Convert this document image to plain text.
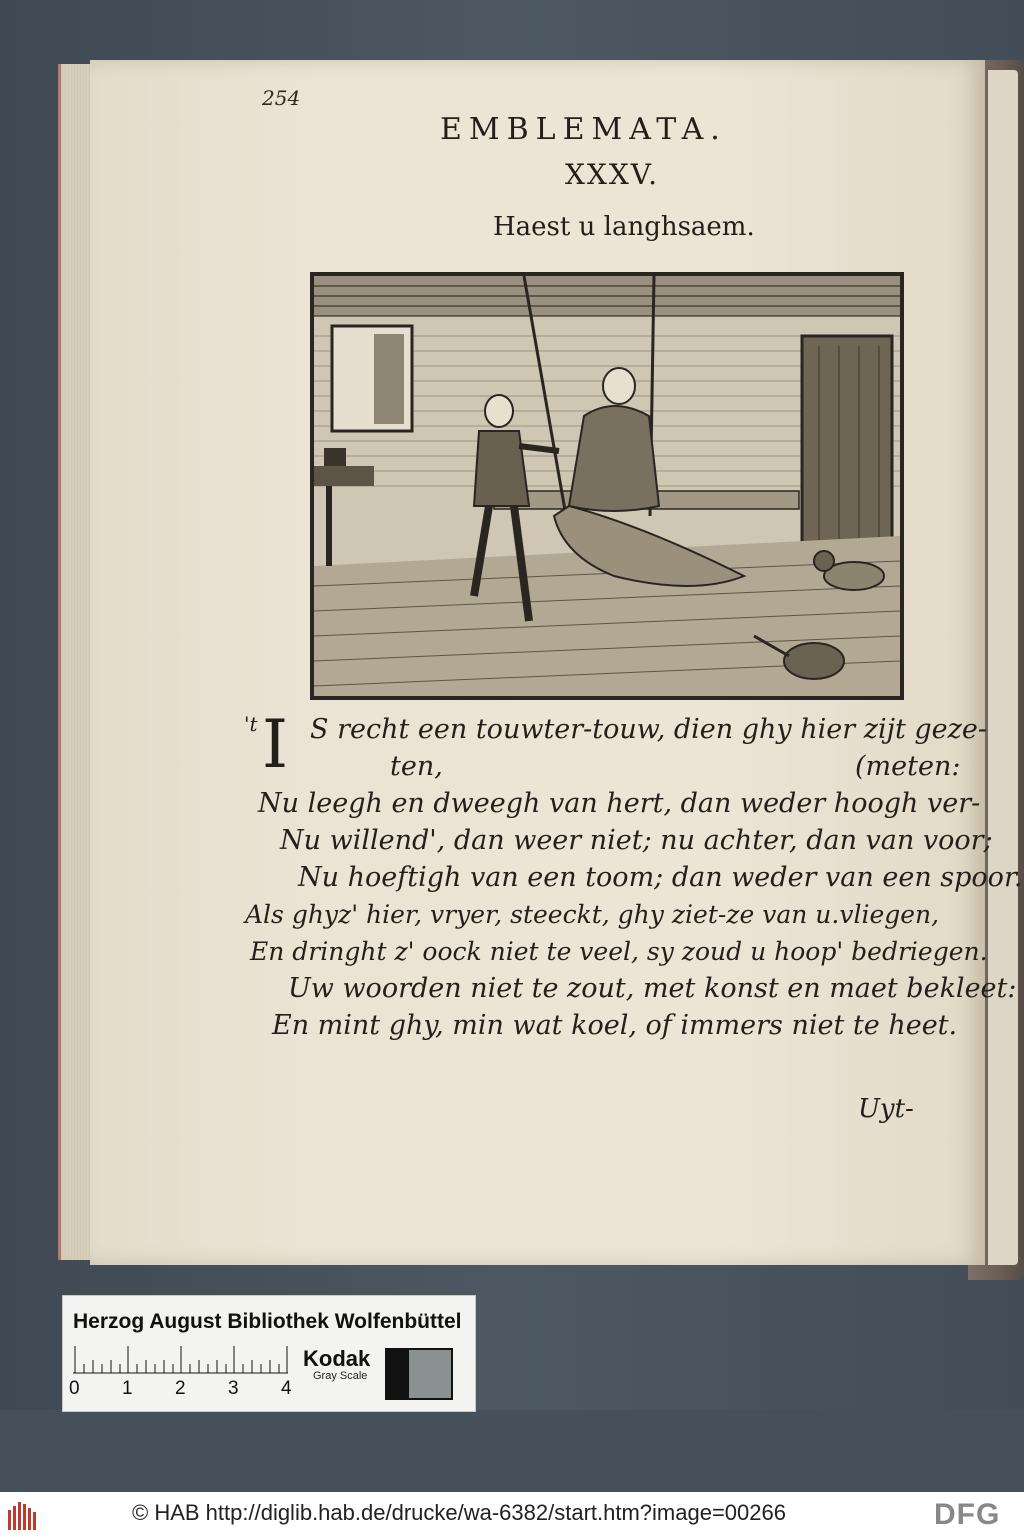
254
EMBLEMATA.
XXXV.
Haest u langhsaem.
't I S recht een touwter-touw, dien ghy hier zijt geze-
ten,	(meten:
Nu leegh en dweegh van hert, dan weder hoogh ver-
Nu willend', dan weer niet; nu achter, dan van voor;
Nu hoeftigh van een toom; dan weder van een spoor.
Als ghyz' hier, vryer, steeckt, ghy ziet-ze van u.vliegen,
En dringht z' oock niet te veel, sy zoud u hoop' bedriegen.
Uw woorden niet te zout, met konst en maet bekleet:
En mint ghy, min wat koel, of immers niet te heet.
Uyt-
Herzog August Bibliothek Wolfenbüttel
0 1 2 3 4
Kodak
Gray Scale
© HAB http://diglib.hab.de/drucke/wa-6382/start.htm?image=00266	DFG
